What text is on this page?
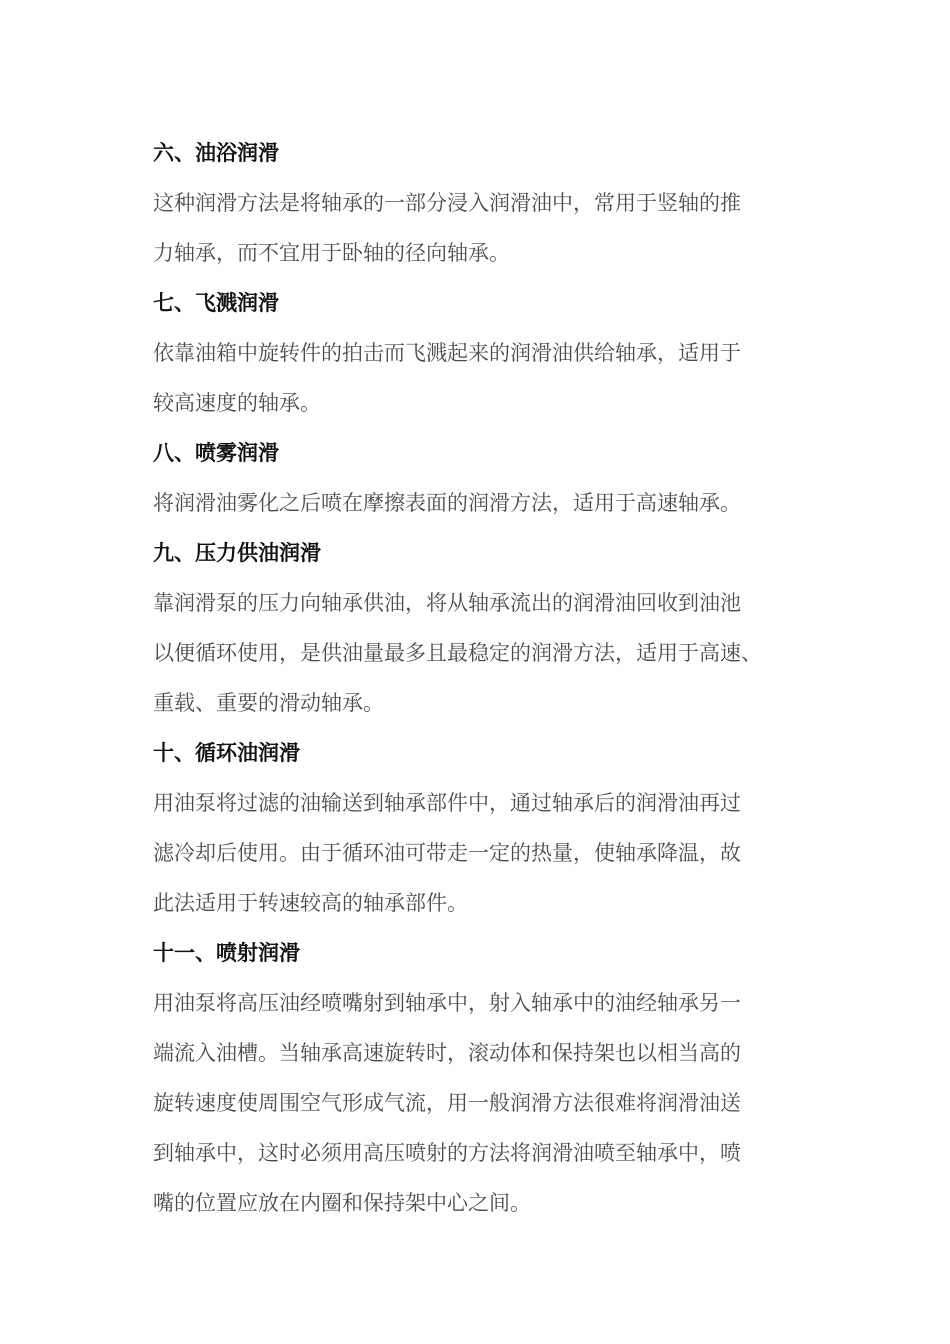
六、油浴润滑
这种润滑方法是将轴承的一部分浸入润滑油中，常用于竖轴的推
力轴承，而不宜用于卧轴的径向轴承。
七、飞溅润滑
依靠油箱中旋转件的拍击而飞溅起来的润滑油供给轴承，适用于
较高速度的轴承。
八、喷雾润滑
将润滑油雾化之后喷在摩擦表面的润滑方法，适用于高速轴承。
九、压力供油润滑
靠润滑泵的压力向轴承供油，将从轴承流出的润滑油回收到油池
以便循环使用，是供油量最多且最稳定的润滑方法，适用于高速、
重载、重要的滑动轴承。
十、循环油润滑
用油泵将过滤的油输送到轴承部件中，通过轴承后的润滑油再过
滤冷却后使用。由于循环油可带走一定的热量，使轴承降温，故
此法适用于转速较高的轴承部件。
十一、喷射润滑
用油泵将高压油经喷嘴射到轴承中，射入轴承中的油经轴承另一
端流入油槽。当轴承高速旋转时，滚动体和保持架也以相当高的
旋转速度使周围空气形成气流，用一般润滑方法很难将润滑油送
到轴承中，这时必须用高压喷射的方法将润滑油喷至轴承中，喷
嘴的位置应放在内圈和保持架中心之间。
